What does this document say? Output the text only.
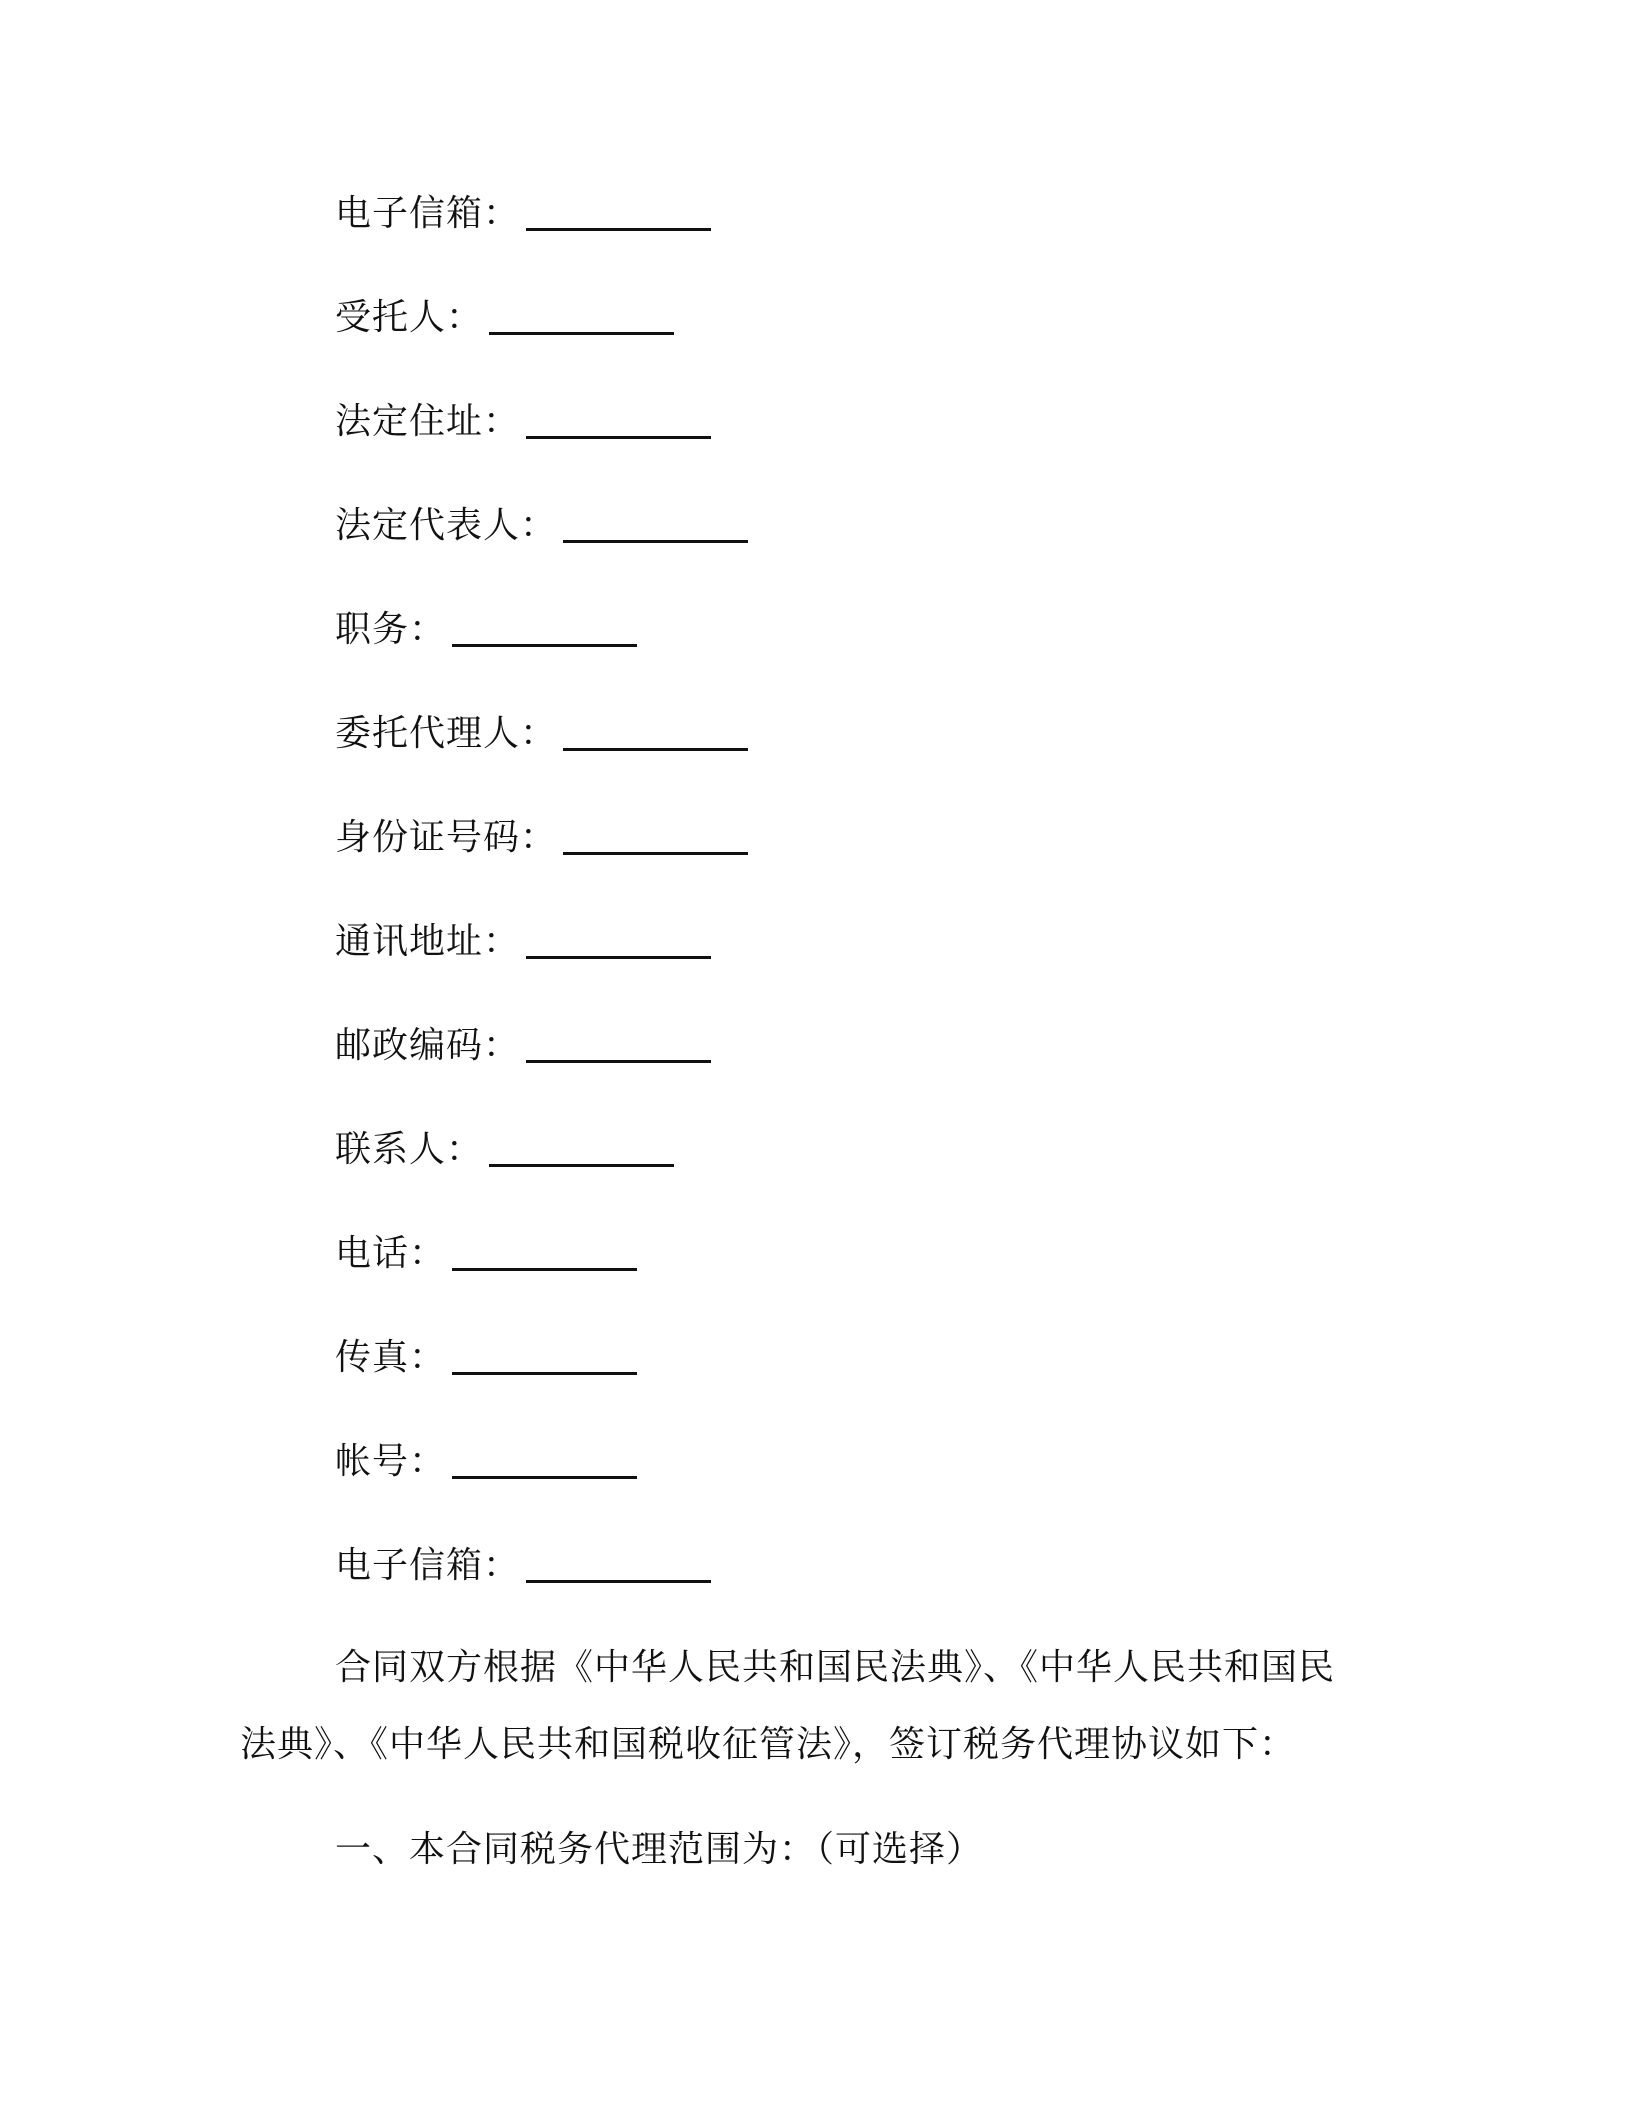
电子信箱：
受托人：
法定住址：
法定代表人：
职务：
委托代理人：
身份证号码：
通讯地址：
邮政编码：
联系人：
电话：
传真：
帐号：
电子信箱：
合同双方根据《中华人民共和国民法典》、《中华人民共和国民
法典》、《中华人民共和国税收征管法》，签订税务代理协议如下：
一、本合同税务代理范围为：（可选择）
